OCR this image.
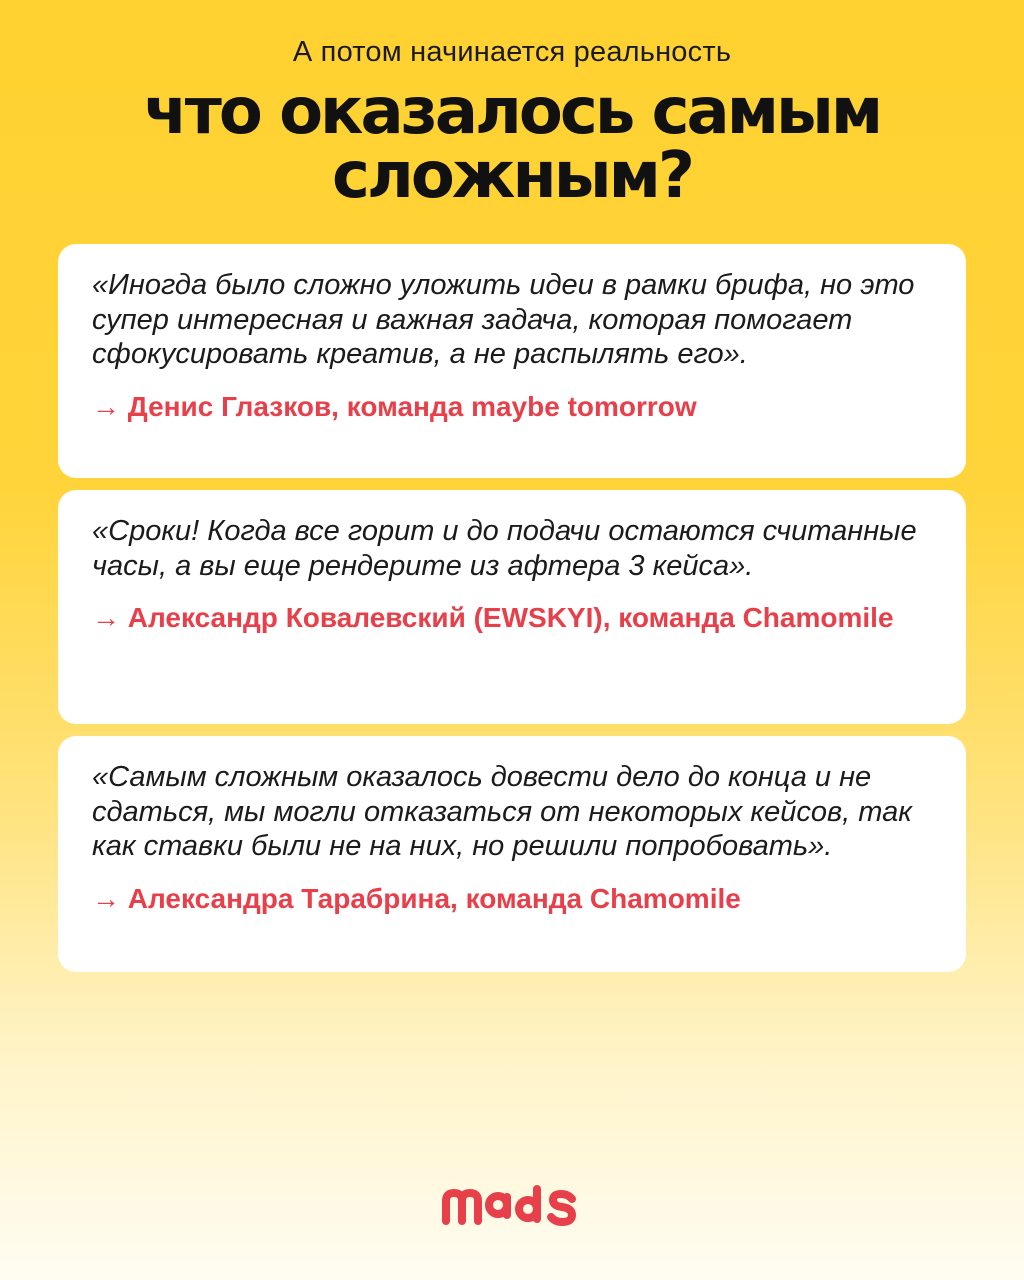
А потом начинается реальность
что оказалось самым сложным?

«Иногда было сложно уложить идеи в рамки брифа, но это супер интересная и важная задача, которая помогает сфокусировать креатив, а не распылять его».

→ Денис Глазков, команда maybe tomorrow

«Сроки! Когда все горит и до подачи остаются считанные часы, а вы еще рендерите из афтера 3 кейса».

→ Александр Ковалевский (EWSKYI), команда Chamomile

«Самым сложным оказалось довести дело до конца и не сдаться, мы могли отказаться от некоторых кейсов, так как ставки были не на них, но решили попробовать».

→ Александра Тарабрина, команда Chamomile
